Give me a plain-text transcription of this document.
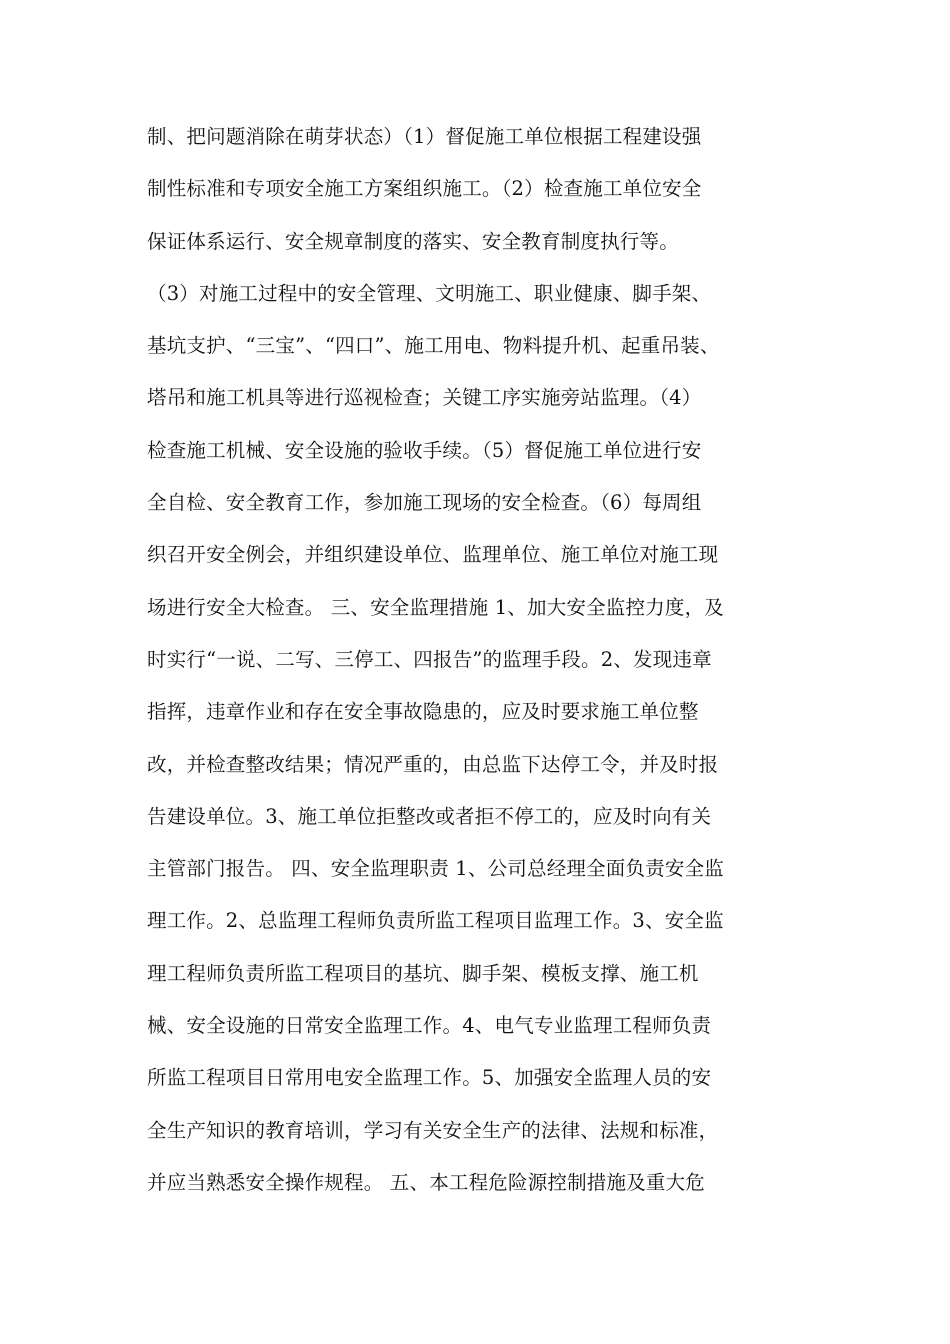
制、把问题消除在萌芽状态）（1）督促施工单位根据工程建设强
制性标准和专项安全施工方案组织施工。（2）检查施工单位安全
保证体系运行、安全规章制度的落实、安全教育制度执行等。
（3）对施工过程中的安全管理、文明施工、职业健康、脚手架、
基坑支护、“三宝”、“四口”、施工用电、物料提升机、起重吊装、
塔吊和施工机具等进行巡视检查；关键工序实施旁站监理。（4）
检查施工机械、安全设施的验收手续。（5）督促施工单位进行安
全自检、安全教育工作，参加施工现场的安全检查。（6）每周组
织召开安全例会，并组织建设单位、监理单位、施工单位对施工现
场进行安全大检查。 三、安全监理措施 1、加大安全监控力度，及
时实行“一说、二写、三停工、四报告”的监理手段。2、发现违章
指挥，违章作业和存在安全事故隐患的，应及时要求施工单位整
改，并检查整改结果；情况严重的，由总监下达停工令，并及时报
告建设单位。3、施工单位拒整改或者拒不停工的，应及时向有关
主管部门报告。 四、安全监理职责 1、公司总经理全面负责安全监
理工作。2、总监理工程师负责所监工程项目监理工作。3、安全监
理工程师负责所监工程项目的基坑、脚手架、模板支撑、施工机
械、安全设施的日常安全监理工作。4、电气专业监理工程师负责
所监工程项目日常用电安全监理工作。5、加强安全监理人员的安
全生产知识的教育培训，学习有关安全生产的法律、法规和标准，
并应当熟悉安全操作规程。 五、本工程危险源控制措施及重大危
